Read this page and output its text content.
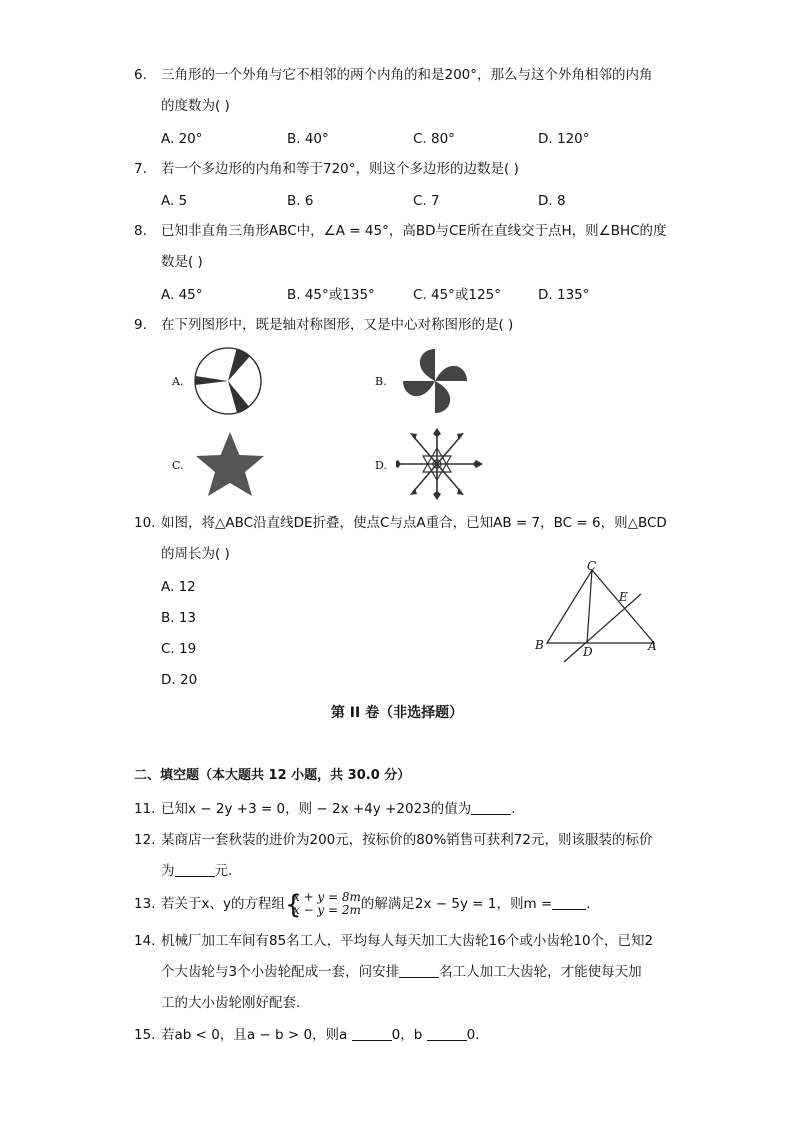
6.	三角形的一个外角与它不相邻的两个内角的和是200°，那么与这个外角相邻的内角
的度数为( )
A. 20°	B. 40°	C. 80°	D. 120°
7.	若一个多边形的内角和等于720°，则这个多边形的边数是( )
A. 5	B. 6	C. 7	D. 8
8.	已知非直角三角形ABC中，∠A = 45°，高BD与CE所在直线交于点H，则∠BHC的度
数是( )
A. 45°	B. 45°或135°	C. 45°或125°	D. 135°
9.	在下列图形中，既是轴对称图形，又是中心对称图形的是( )
A.	B.
C.	D.
10. 如图，将△ABC沿直线DE折叠，使点C与点A重合，已知AB = 7，BC = 6，则△BCD
的周长为( )
A. 12
B. 13
C. 19
D. 20
C
E
B	D	A
第 II 卷（非选择题）
二、填空题（本大题共 12 小题，共 30.0 分）
11. 已知x − 2y +3 = 0，则 − 2x +4y +2023的值为	.
12. 某商店一套秋装的进价为200元，按标价的80%销售可获利72元，则该服装的标价
为	元.
13. 若关于x、y的方程组 {
x + y = 8m
x − y = 2m 的解满足2x − 5y = 1，则m =	.
14. 机械厂加工车间有85名工人，平均每人每天加工大齿轮16个或小齿轮10个，已知2
个大齿轮与3个小齿轮配成一套，问安排	名工人加工大齿轮，才能使每天加
工的大小齿轮刚好配套.
15. 若ab < 0，且a − b > 0，则a	0，b	0.
